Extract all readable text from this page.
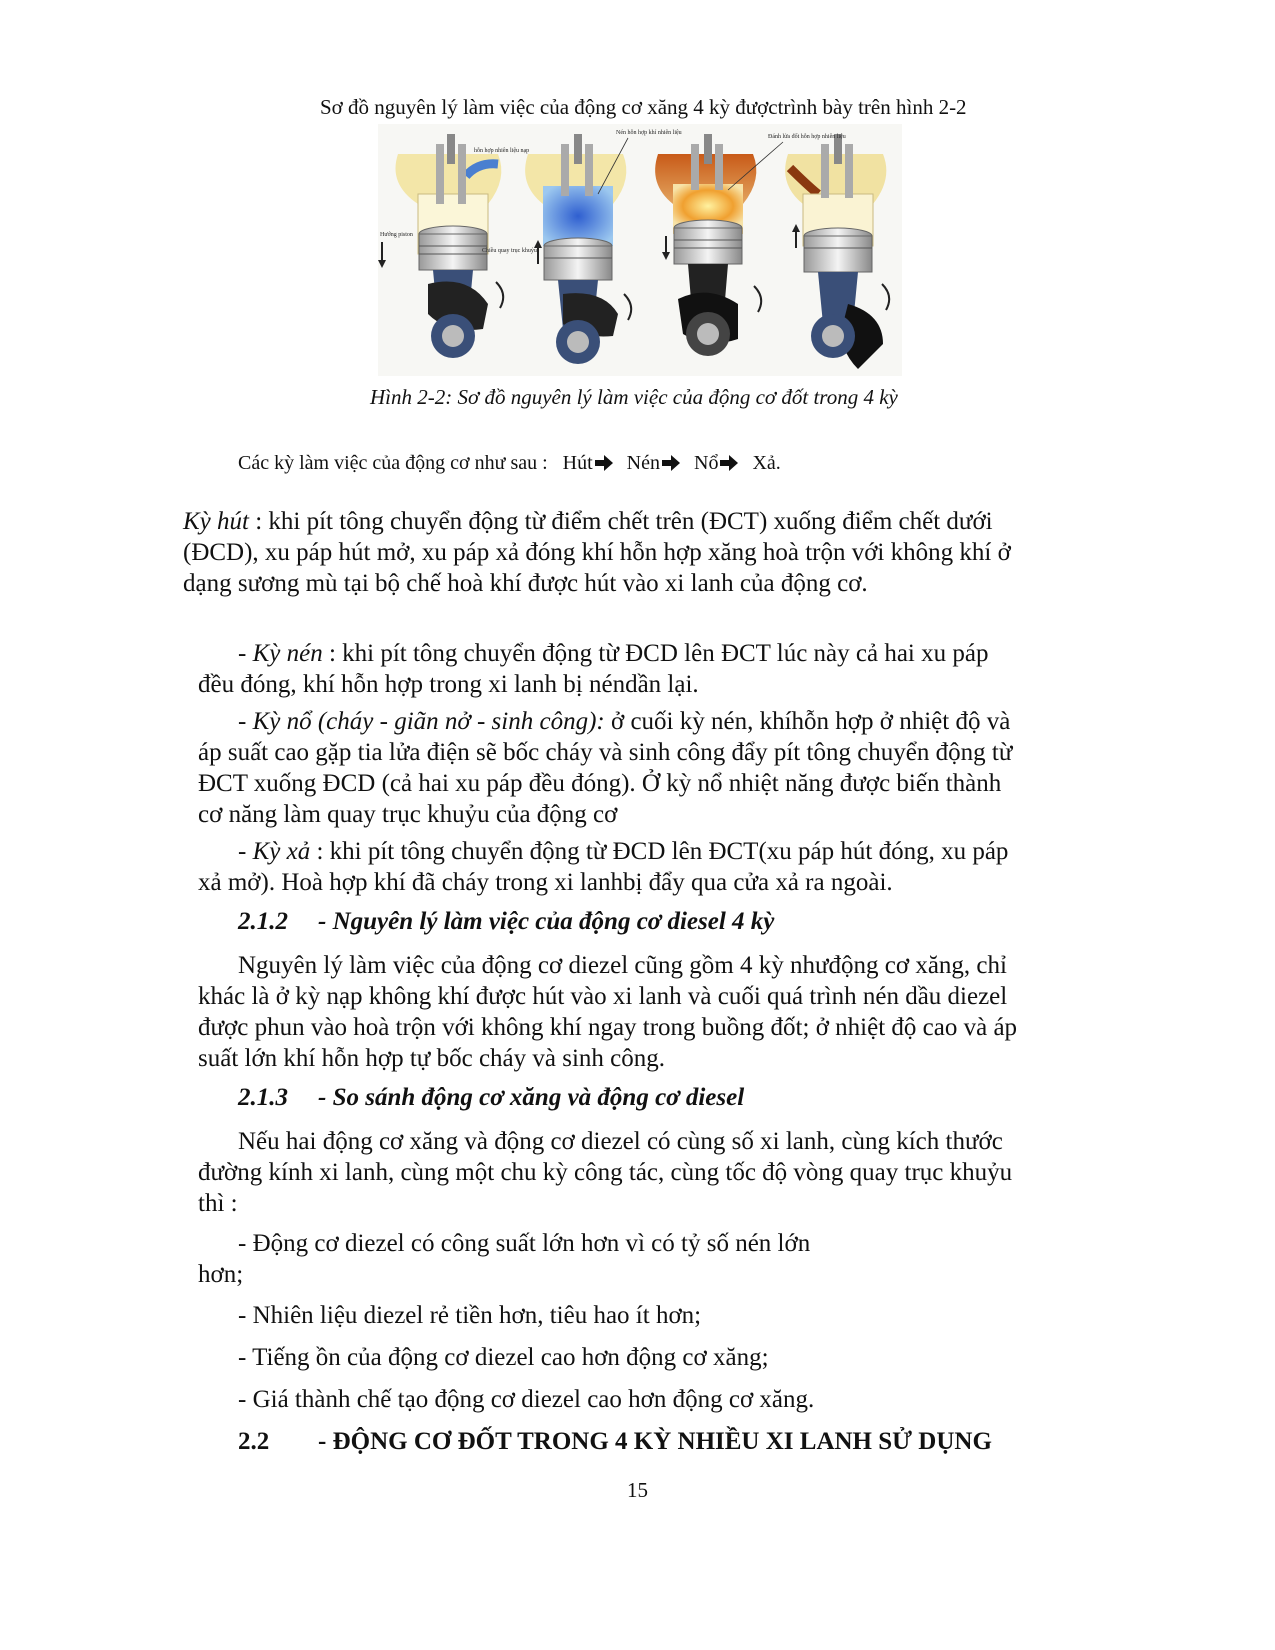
Sơ đồ nguyên lý làm việc của động cơ xăng 4 kỳ đượctrình bày trên hình 2-2
hỗn hợp nhiên liệu nạp
Hướng piston
Chiều quay trục khuỷu
Nén hỗn hợp khí nhiên liệu
Đánh lửa đốt hỗn hợp nhiên liệu
Hình 2-2: Sơ đồ nguyên lý làm việc của động cơ đốt trong 4 kỳ
Các kỳ làm việc của động cơ như sau : Hút Nén Nổ Xả.

Kỳ hút : khi pít tông chuyển động từ điểm chết trên (ĐCT) xuống điểm chết dưới (ĐCD), xu páp hút mở, xu páp xả đóng khí hỗn hợp xăng hoà trộn với không khí ở dạng sương mù tại bộ chế hoà khí được hút vào xi lanh của động cơ.

- Kỳ nén : khi pít tông chuyển động từ ĐCD lên ĐCT lúc này cả hai xu páp đều đóng, khí hỗn hợp trong xi lanh bị néndần lại.

- Kỳ nổ (cháy - giãn nở - sinh công): ở cuối kỳ nén, khíhỗn hợp ở nhiệt độ và áp suất cao gặp tia lửa điện sẽ bốc cháy và sinh công đẩy pít tông chuyển động từ ĐCT xuống ĐCD (cả hai xu páp đều đóng). Ở kỳ nổ nhiệt năng được biến thành cơ năng làm quay trục khuỷu của động cơ

- Kỳ xả : khi pít tông chuyển động từ ĐCD lên ĐCT(xu páp hút đóng, xu páp xả mở). Hoà hợp khí đã cháy trong xi lanhbị đẩy qua cửa xả ra ngoài.

2.1.2 - Nguyên lý làm việc của động cơ diesel 4 kỳ

Nguyên lý làm việc của động cơ diezel cũng gồm 4 kỳ nhưđộng cơ xăng, chỉ khác là ở kỳ nạp không khí được hút vào xi lanh và cuối quá trình nén dầu diezel được phun vào hoà trộn với không khí ngay trong buồng đốt; ở nhiệt độ cao và áp suất lớn khí hỗn hợp tự bốc cháy và sinh công.

2.1.3 - So sánh động cơ xăng và động cơ diesel

Nếu hai động cơ xăng và động cơ diezel có cùng số xi lanh, cùng kích thước đường kính xi lanh, cùng một chu kỳ công tác, cùng tốc độ vòng quay trục khuỷu thì :

- Động cơ diezel có công suất lớn hơn vì có tỷ số nén lớn
hơn;
- Nhiên liệu diezel rẻ tiền hơn, tiêu hao ít hơn;
- Tiếng ồn của động cơ diezel cao hơn động cơ xăng;
- Giá thành chế tạo động cơ diezel cao hơn động cơ xăng.
2.2 - ĐỘNG CƠ ĐỐT TRONG 4 KỲ NHIỀU XI LANH SỬ DỤNG
15
